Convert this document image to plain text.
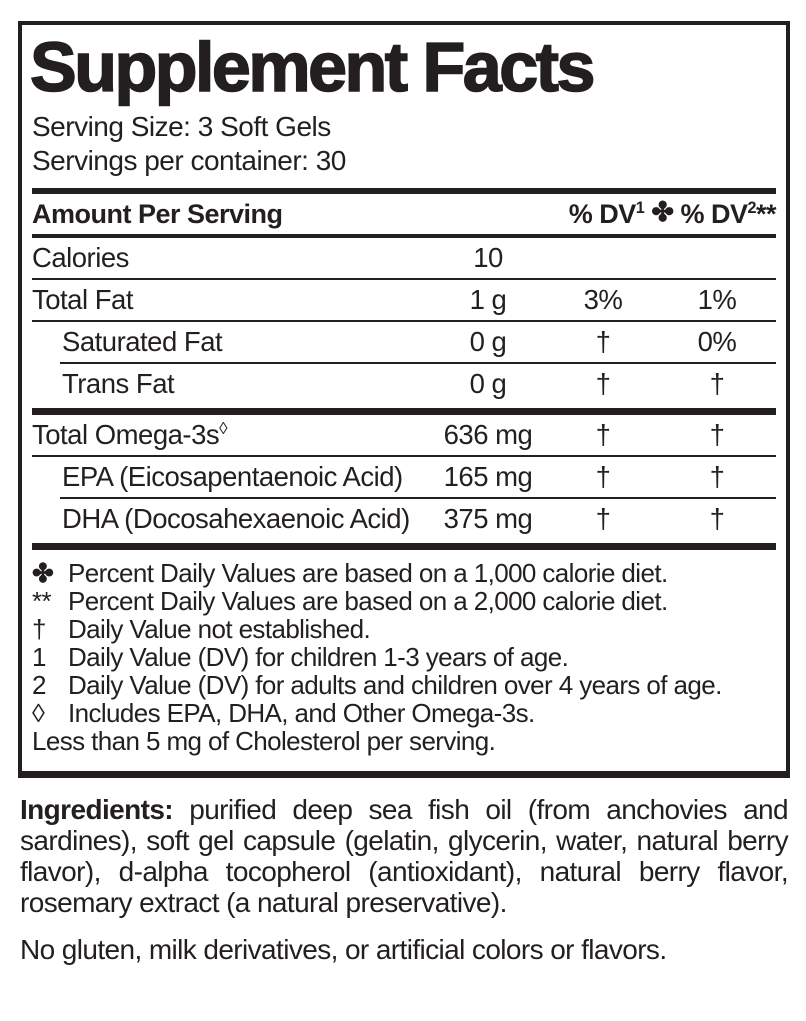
Supplement Facts
Serving Size: 3 Soft Gels
Servings per container: 30
Amount Per Serving	% $DV^1$ ✤ % $DV^2**$
Calories	10
Total Fat	1 g	3%	1%
Saturated Fat	0 g	†	0%
Trans Fat	0 g	†	†
Total Omega-3s◊	636 mg	†	†
EPA (Eicosapentaenoic Acid)	165 mg	†	†
DHA (Docosahexaenoic Acid)	375 mg	†	†
✤ Percent Daily Values are based on a 1,000 calorie diet.
** Percent Daily Values are based on a 2,000 calorie diet.
† Daily Value not established.
1 Daily Value (DV) for children 1-3 years of age.
2 Daily Value (DV) for adults and children over 4 years of age.
◊ Includes EPA, DHA, and Other Omega-3s.
Less than 5 mg of Cholesterol per serving.

Ingredients: purified deep sea fish oil (from anchovies and sardines), soft gel capsule (gelatin, glycerin, water, natural berry flavor), d-alpha tocopherol (antioxidant), natural berry flavor, rosemary extract (a natural preservative).

No gluten, milk derivatives, or artificial colors or flavors.
